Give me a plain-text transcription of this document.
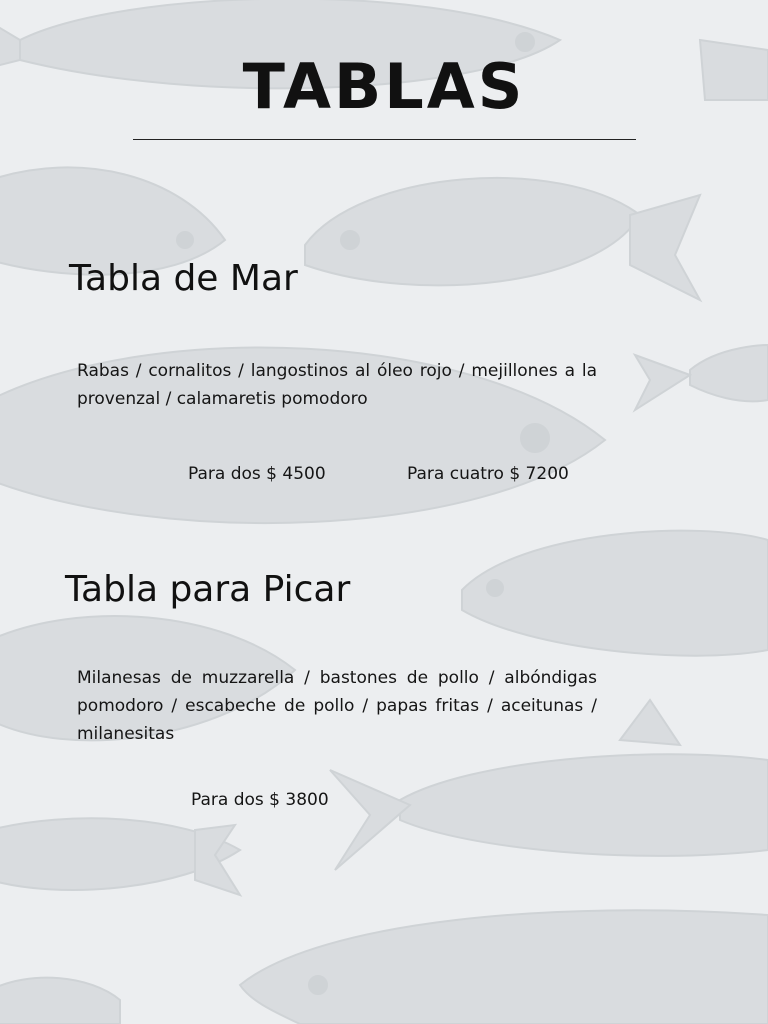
TABLAS
Tabla de Mar

Rabas / cornalitos / langostinos al óleo rojo / mejillones a la provenzal / calamaretis pomodoro

Para dos $ 4500	Para cuatro $ 7200
Tabla para Picar

Milanesas de muzzarella / bastones de pollo / albóndigas pomodoro / escabeche de pollo / papas fritas / aceitunas / milanesitas

Para dos $ 3800
